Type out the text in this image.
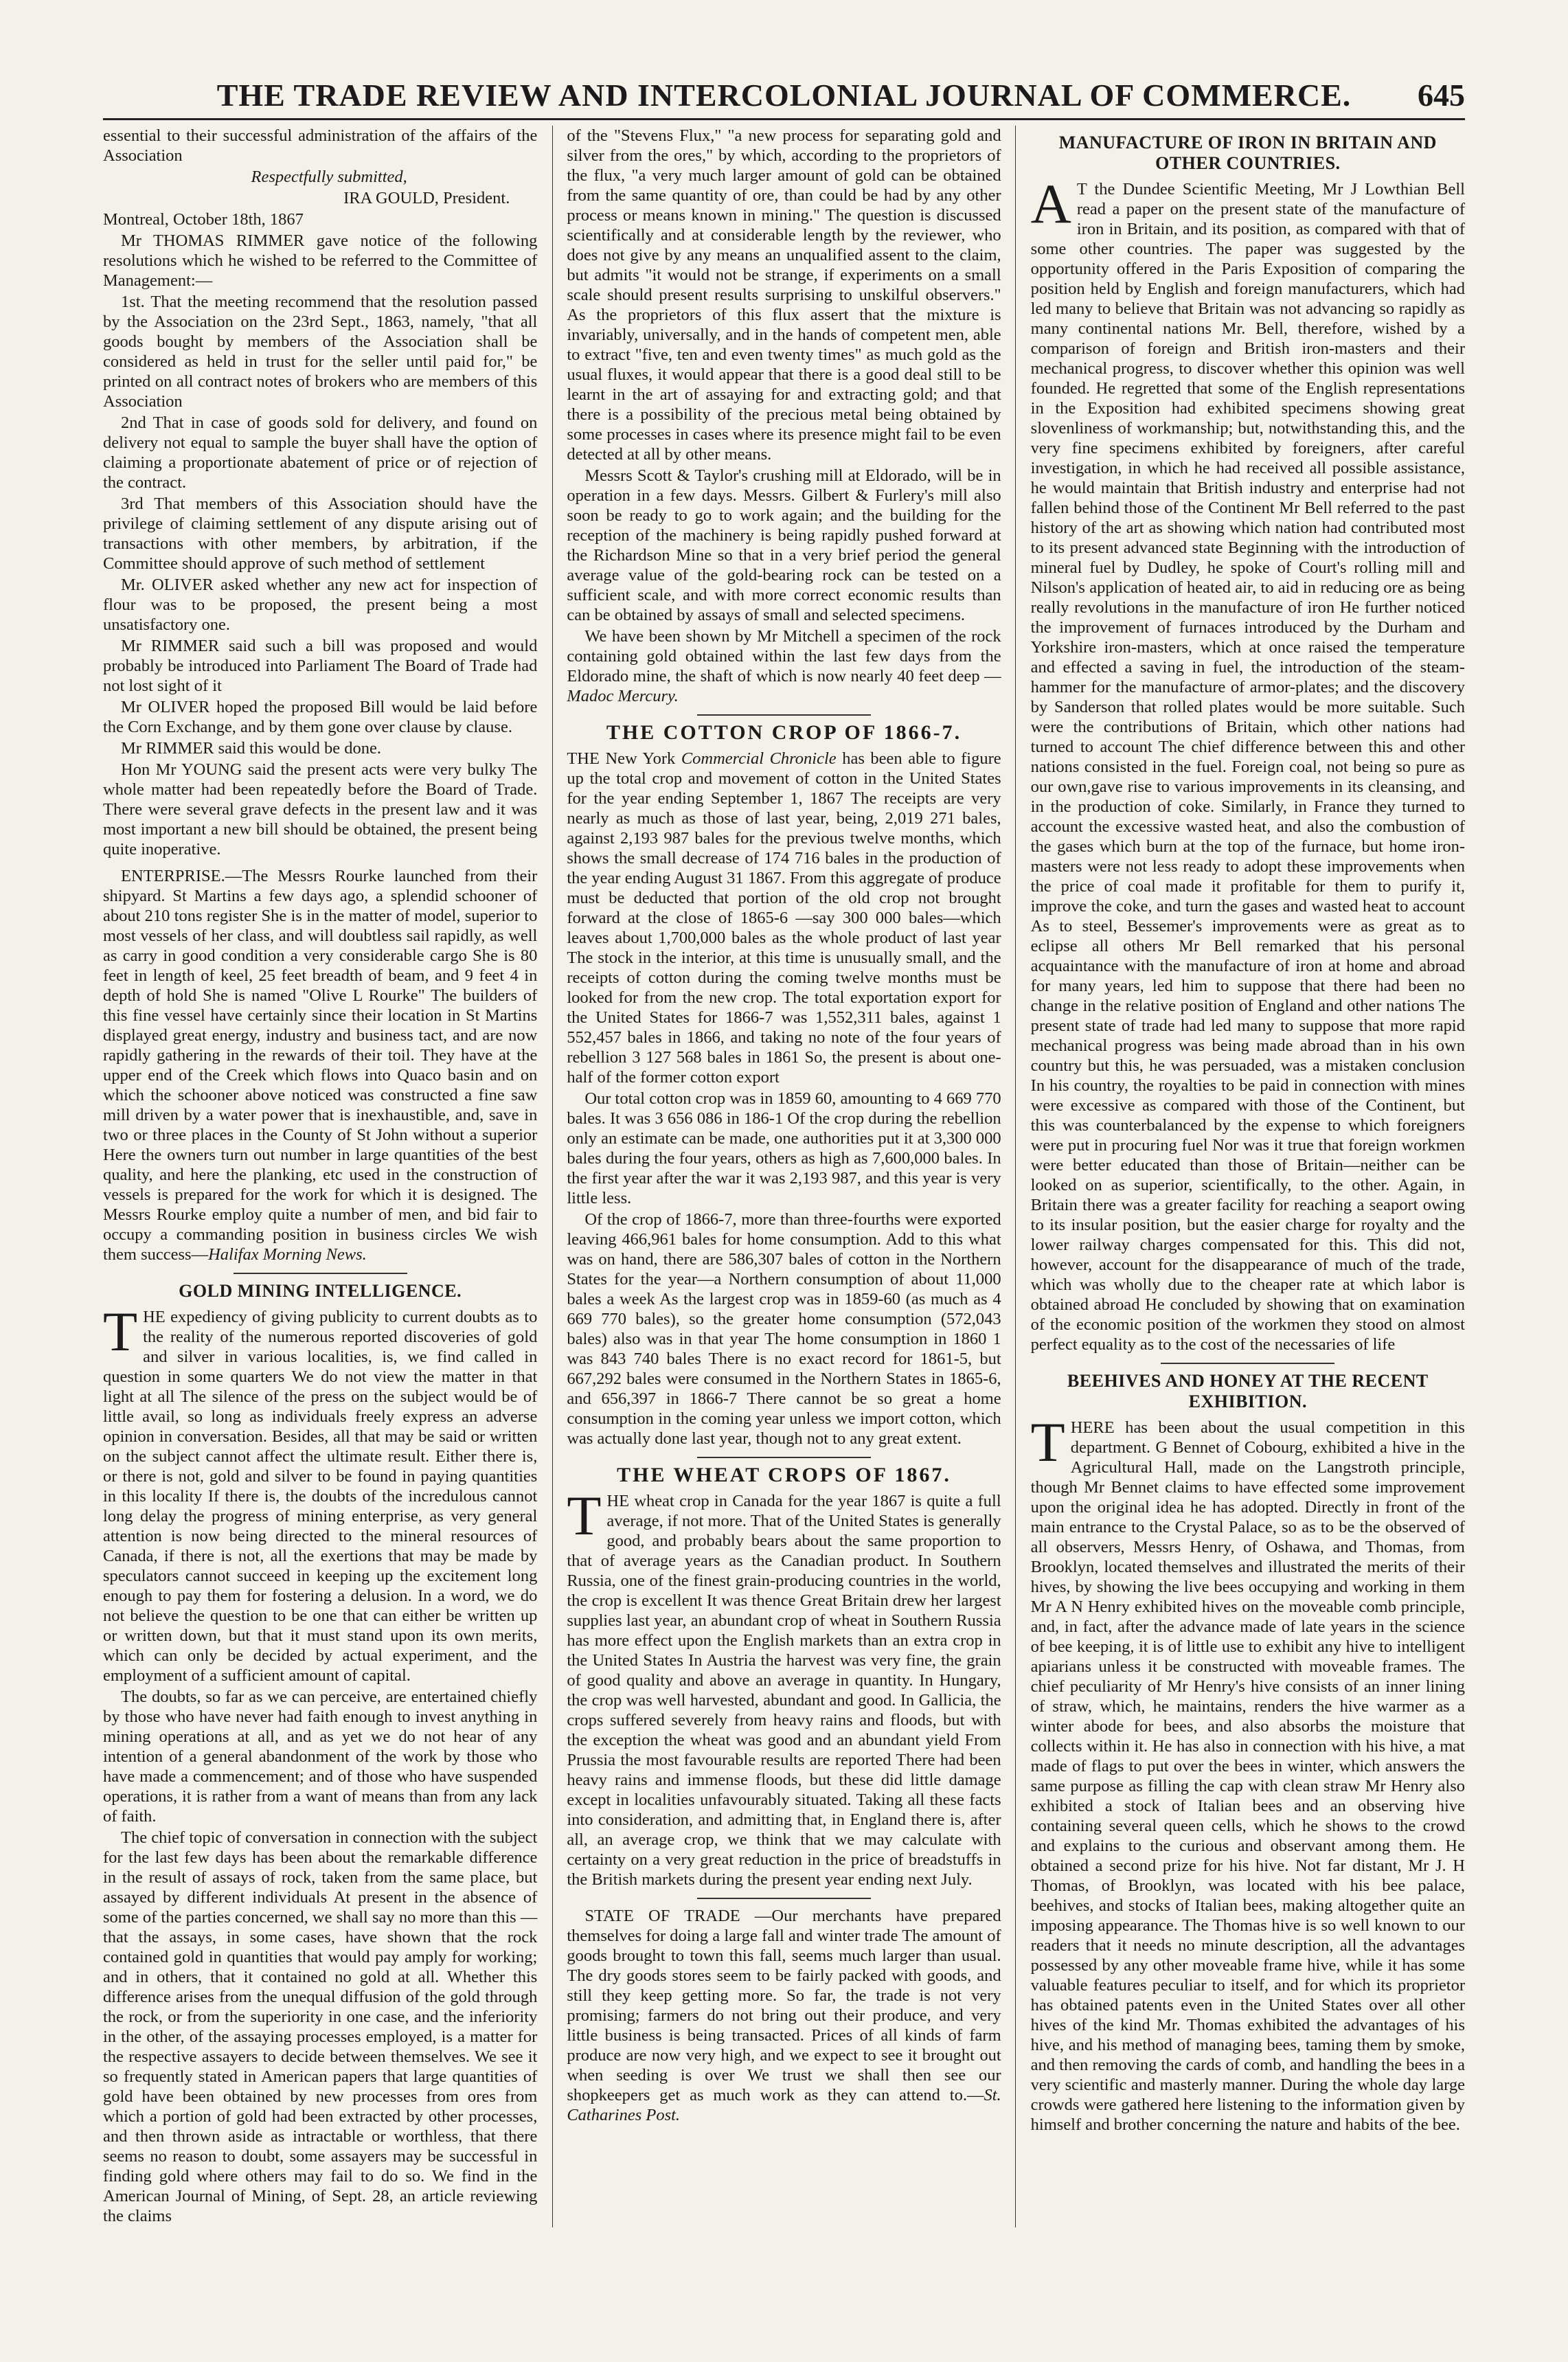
THE TRADE REVIEW AND INTERCOLONIAL JOURNAL OF COMMERCE.	645

essential to their successful administration of the affairs of the Association

Respectfully submitted,

IRA GOULD, President.

Montreal, October 18th, 1867

Mr THOMAS RIMMER gave notice of the following resolutions which he wished to be referred to the Committee of Management:—

1st. That the meeting recommend that the resolution passed by the Association on the 23rd Sept., 1863, namely, "that all goods bought by members of the Association shall be considered as held in trust for the seller until paid for," be printed on all contract notes of brokers who are members of this Association

2nd That in case of goods sold for delivery, and found on delivery not equal to sample the buyer shall have the option of claiming a proportionate abatement of price or of rejection of the contract.

3rd That members of this Association should have the privilege of claiming settlement of any dispute arising out of transactions with other members, by arbitration, if the Committee should approve of such method of settlement

Mr. OLIVER asked whether any new act for inspection of flour was to be proposed, the present being a most unsatisfactory one.

Mr RIMMER said such a bill was proposed and would probably be introduced into Parliament The Board of Trade had not lost sight of it

Mr OLIVER hoped the proposed Bill would be laid before the Corn Exchange, and by them gone over clause by clause.

Mr RIMMER said this would be done.

Hon Mr YOUNG said the present acts were very bulky The whole matter had been repeatedly before the Board of Trade. There were several grave defects in the present law and it was most important a new bill should be obtained, the present being quite inoperative.

ENTERPRISE.—The Messrs Rourke launched from their shipyard. St Martins a few days ago, a splendid schooner of about 210 tons register She is in the matter of model, superior to most vessels of her class, and will doubtless sail rapidly, as well as carry in good condition a very considerable cargo She is 80 feet in length of keel, 25 feet breadth of beam, and 9 feet 4 in depth of hold She is named "Olive L Rourke" The builders of this fine vessel have certainly since their location in St Martins displayed great energy, industry and business tact, and are now rapidly gathering in the rewards of their toil. They have at the upper end of the Creek which flows into Quaco basin and on which the schooner above noticed was constructed a fine saw mill driven by a water power that is inexhaustible, and, save in two or three places in the County of St John without a superior Here the owners turn out number in large quantities of the best quality, and here the planking, etc used in the construction of vessels is prepared for the work for which it is designed. The Messrs Rourke employ quite a number of men, and bid fair to occupy a commanding position in business circles We wish them success—Halifax Morning News.

GOLD MINING INTELLIGENCE.

THE expediency of giving publicity to current doubts as to the reality of the numerous reported discoveries of gold and silver in various localities, is, we find called in question in some quarters We do not view the matter in that light at all The silence of the press on the subject would be of little avail, so long as individuals freely express an adverse opinion in conversation. Besides, all that may be said or written on the subject cannot affect the ultimate result. Either there is, or there is not, gold and silver to be found in paying quantities in this locality If there is, the doubts of the incredulous cannot long delay the progress of mining enterprise, as very general attention is now being directed to the mineral resources of Canada, if there is not, all the exertions that may be made by speculators cannot succeed in keeping up the excitement long enough to pay them for fostering a delusion. In a word, we do not believe the question to be one that can either be written up or written down, but that it must stand upon its own merits, which can only be decided by actual experiment, and the employment of a sufficient amount of capital.

The doubts, so far as we can perceive, are entertained chiefly by those who have never had faith enough to invest anything in mining operations at all, and as yet we do not hear of any intention of a general abandonment of the work by those who have made a commencement; and of those who have suspended operations, it is rather from a want of means than from any lack of faith.

The chief topic of conversation in connection with the subject for the last few days has been about the remarkable difference in the result of assays of rock, taken from the same place, but assayed by different individuals At present in the absence of some of the parties concerned, we shall say no more than this —that the assays, in some cases, have shown that the rock contained gold in quantities that would pay amply for working; and in others, that it contained no gold at all. Whether this difference arises from the unequal diffusion of the gold through the rock, or from the superiority in one case, and the inferiority in the other, of the assaying processes employed, is a matter for the respective assayers to decide between themselves. We see it so frequently stated in American papers that large quantities of gold have been obtained by new processes from ores from which a portion of gold had been extracted by other processes, and then thrown aside as intractable or worthless, that there seems no reason to doubt, some assayers may be successful in finding gold where others may fail to do so. We find in the American Journal of Mining, of Sept. 28, an article reviewing the claims

of the "Stevens Flux," "a new process for separating gold and silver from the ores," by which, according to the proprietors of the flux, "a very much larger amount of gold can be obtained from the same quantity of ore, than could be had by any other process or means known in mining." The question is discussed scientifically and at considerable length by the reviewer, who does not give by any means an unqualified assent to the claim, but admits "it would not be strange, if experiments on a small scale should present results surprising to unskilful observers." As the proprietors of this flux assert that the mixture is invariably, universally, and in the hands of competent men, able to extract "five, ten and even twenty times" as much gold as the usual fluxes, it would appear that there is a good deal still to be learnt in the art of assaying for and extracting gold; and that there is a possibility of the precious metal being obtained by some processes in cases where its presence might fail to be even detected at all by other means.

Messrs Scott & Taylor's crushing mill at Eldorado, will be in operation in a few days. Messrs. Gilbert & Furlery's mill also soon be ready to go to work again; and the building for the reception of the machinery is being rapidly pushed forward at the Richardson Mine so that in a very brief period the general average value of the gold-bearing rock can be tested on a sufficient scale, and with more correct economic results than can be obtained by assays of small and selected specimens.

We have been shown by Mr Mitchell a specimen of the rock containing gold obtained within the last few days from the Eldorado mine, the shaft of which is now nearly 40 feet deep —Madoc Mercury.

THE COTTON CROP OF 1866-7.

THE New York Commercial Chronicle has been able to figure up the total crop and movement of cotton in the United States for the year ending September 1, 1867 The receipts are very nearly as much as those of last year, being, 2,019 271 bales, against 2,193 987 bales for the previous twelve months, which shows the small decrease of 174 716 bales in the production of the year ending August 31 1867. From this aggregate of produce must be deducted that portion of the old crop not brought forward at the close of 1865-6 —say 300 000 bales—which leaves about 1,700,000 bales as the whole product of last year The stock in the interior, at this time is unusually small, and the receipts of cotton during the coming twelve months must be looked for from the new crop. The total exportation export for the United States for 1866-7 was 1,552,311 bales, against 1 552,457 bales in 1866, and taking no note of the four years of rebellion 3 127 568 bales in 1861 So, the present is about one-half of the former cotton export

Our total cotton crop was in 1859 60, amounting to 4 669 770 bales. It was 3 656 086 in 186-1 Of the crop during the rebellion only an estimate can be made, one authorities put it at 3,300 000 bales during the four years, others as high as 7,600,000 bales. In the first year after the war it was 2,193 987, and this year is very little less.

Of the crop of 1866-7, more than three-fourths were exported leaving 466,961 bales for home consumption. Add to this what was on hand, there are 586,307 bales of cotton in the Northern States for the year—a Northern consumption of about 11,000 bales a week As the largest crop was in 1859-60 (as much as 4 669 770 bales), so the greater home consumption (572,043 bales) also was in that year The home consumption in 1860 1 was 843 740 bales There is no exact record for 1861-5, but 667,292 bales were consumed in the Northern States in 1865-6, and 656,397 in 1866-7 There cannot be so great a home consumption in the coming year unless we import cotton, which was actually done last year, though not to any great extent.

THE WHEAT CROPS OF 1867.

THE wheat crop in Canada for the year 1867 is quite a full average, if not more. That of the United States is generally good, and probably bears about the same proportion to that of average years as the Canadian product. In Southern Russia, one of the finest grain-producing countries in the world, the crop is excellent It was thence Great Britain drew her largest supplies last year, an abundant crop of wheat in Southern Russia has more effect upon the English markets than an extra crop in the United States In Austria the harvest was very fine, the grain of good quality and above an average in quantity. In Hungary, the crop was well harvested, abundant and good. In Gallicia, the crops suffered severely from heavy rains and floods, but with the exception the wheat was good and an abundant yield From Prussia the most favourable results are reported There had been heavy rains and immense floods, but these did little damage except in localities unfavourably situated. Taking all these facts into consideration, and admitting that, in England there is, after all, an average crop, we think that we may calculate with certainty on a very great reduction in the price of breadstuffs in the British markets during the present year ending next July.

STATE OF TRADE —Our merchants have prepared themselves for doing a large fall and winter trade The amount of goods brought to town this fall, seems much larger than usual. The dry goods stores seem to be fairly packed with goods, and still they keep getting more. So far, the trade is not very promising; farmers do not bring out their produce, and very little business is being transacted. Prices of all kinds of farm produce are now very high, and we expect to see it brought out when seeding is over We trust we shall then see our shopkeepers get as much work as they can attend to.—St. Catharines Post.

MANUFACTURE OF IRON IN BRITAIN AND OTHER COUNTRIES.

AT the Dundee Scientific Meeting, Mr J Lowthian Bell read a paper on the present state of the manufacture of iron in Britain, and its position, as compared with that of some other countries. The paper was suggested by the opportunity offered in the Paris Exposition of comparing the position held by English and foreign manufacturers, which had led many to believe that Britain was not advancing so rapidly as many continental nations Mr. Bell, therefore, wished by a comparison of foreign and British iron-masters and their mechanical progress, to discover whether this opinion was well founded. He regretted that some of the English representations in the Exposition had exhibited specimens showing great slovenliness of workmanship; but, notwithstanding this, and the very fine specimens exhibited by foreigners, after careful investigation, in which he had received all possible assistance, he would maintain that British industry and enterprise had not fallen behind those of the Continent Mr Bell referred to the past history of the art as showing which nation had contributed most to its present advanced state Beginning with the introduction of mineral fuel by Dudley, he spoke of Court's rolling mill and Nilson's application of heated air, to aid in reducing ore as being really revolutions in the manufacture of iron He further noticed the improvement of furnaces introduced by the Durham and Yorkshire iron-masters, which at once raised the temperature and effected a saving in fuel, the introduction of the steam-hammer for the manufacture of armor-plates; and the discovery by Sanderson that rolled plates would be more suitable. Such were the contributions of Britain, which other nations had turned to account The chief difference between this and other nations consisted in the fuel. Foreign coal, not being so pure as our own,gave rise to various improvements in its cleansing, and in the production of coke. Similarly, in France they turned to account the excessive wasted heat, and also the combustion of the gases which burn at the top of the furnace, but home iron-masters were not less ready to adopt these improvements when the price of coal made it profitable for them to purify it, improve the coke, and turn the gases and wasted heat to account As to steel, Bessemer's improvements were as great as to eclipse all others Mr Bell remarked that his personal acquaintance with the manufacture of iron at home and abroad for many years, led him to suppose that there had been no change in the relative position of England and other nations The present state of trade had led many to suppose that more rapid mechanical progress was being made abroad than in his own country but this, he was persuaded, was a mistaken conclusion In his country, the royalties to be paid in connection with mines were excessive as compared with those of the Continent, but this was counterbalanced by the expense to which foreigners were put in procuring fuel Nor was it true that foreign workmen were better educated than those of Britain—neither can be looked on as superior, scientifically, to the other. Again, in Britain there was a greater facility for reaching a seaport owing to its insular position, but the easier charge for royalty and the lower railway charges compensated for this. This did not, however, account for the disappearance of much of the trade, which was wholly due to the cheaper rate at which labor is obtained abroad He concluded by showing that on examination of the economic position of the workmen they stood on almost perfect equality as to the cost of the necessaries of life

BEEHIVES AND HONEY AT THE RECENT EXHIBITION.

THERE has been about the usual competition in this department. G Bennet of Cobourg, exhibited a hive in the Agricultural Hall, made on the Langstroth principle, though Mr Bennet claims to have effected some improvement upon the original idea he has adopted. Directly in front of the main entrance to the Crystal Palace, so as to be the observed of all observers, Messrs Henry, of Oshawa, and Thomas, from Brooklyn, located themselves and illustrated the merits of their hives, by showing the live bees occupying and working in them Mr A N Henry exhibited hives on the moveable comb principle, and, in fact, after the advance made of late years in the science of bee keeping, it is of little use to exhibit any hive to intelligent apiarians unless it be constructed with moveable frames. The chief peculiarity of Mr Henry's hive consists of an inner lining of straw, which, he maintains, renders the hive warmer as a winter abode for bees, and also absorbs the moisture that collects within it. He has also in connection with his hive, a mat made of flags to put over the bees in winter, which answers the same purpose as filling the cap with clean straw Mr Henry also exhibited a stock of Italian bees and an observing hive containing several queen cells, which he shows to the crowd and explains to the curious and observant among them. He obtained a second prize for his hive. Not far distant, Mr J. H Thomas, of Brooklyn, was located with his bee palace, beehives, and stocks of Italian bees, making altogether quite an imposing appearance. The Thomas hive is so well known to our readers that it needs no minute description, all the advantages possessed by any other moveable frame hive, while it has some valuable features peculiar to itself, and for which its proprietor has obtained patents even in the United States over all other hives of the kind Mr. Thomas exhibited the advantages of his hive, and his method of managing bees, taming them by smoke, and then removing the cards of comb, and handling the bees in a very scientific and masterly manner. During the whole day large crowds were gathered here listening to the information given by himself and brother concerning the nature and habits of the bee.
